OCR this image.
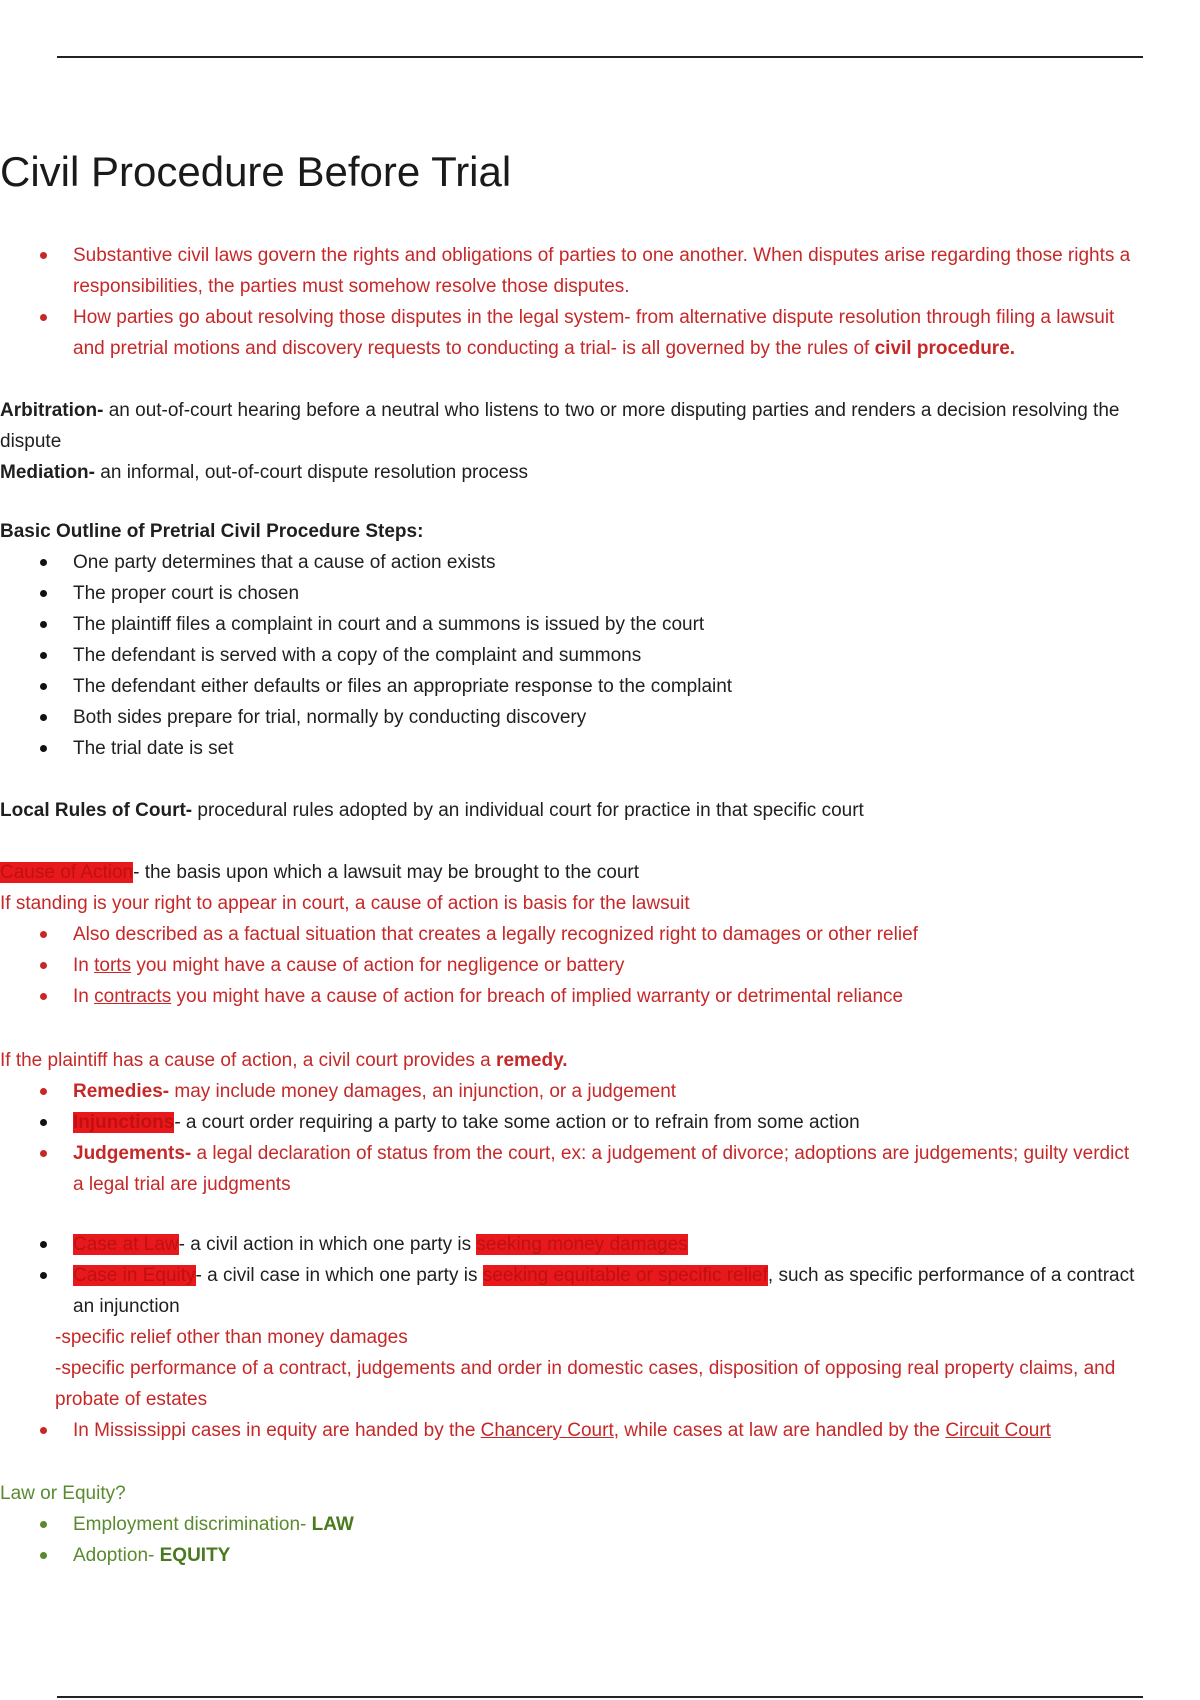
Civil Procedure Before Trial
Substantive civil laws govern the rights and obligations of parties to one another. When disputes arise regarding those rights a
responsibilities, the parties must somehow resolve those disputes.
How parties go about resolving those disputes in the legal system- from alternative dispute resolution through filing a lawsuit
and pretrial motions and discovery requests to conducting a trial- is all governed by the rules of civil procedure.
Arbitration- an out-of-court hearing before a neutral who listens to two or more disputing parties and renders a decision resolving the
dispute
Mediation- an informal, out-of-court dispute resolution process
Basic Outline of Pretrial Civil Procedure Steps:
One party determines that a cause of action exists
The proper court is chosen
The plaintiff files a complaint in court and a summons is issued by the court
The defendant is served with a copy of the complaint and summons
The defendant either defaults or files an appropriate response to the complaint
Both sides prepare for trial, normally by conducting discovery
The trial date is set
Local Rules of Court- procedural rules adopted by an individual court for practice in that specific court
Cause of Action- the basis upon which a lawsuit may be brought to the court
If standing is your right to appear in court, a cause of action is basis for the lawsuit
Also described as a factual situation that creates a legally recognized right to damages or other relief
In torts you might have a cause of action for negligence or battery
In contracts you might have a cause of action for breach of implied warranty or detrimental reliance
If the plaintiff has a cause of action, a civil court provides a remedy.
Remedies- may include money damages, an injunction, or a judgement
Injunctions- a court order requiring a party to take some action or to refrain from some action
Judgements- a legal declaration of status from the court, ex: a judgement of divorce; adoptions are judgements; guilty verdict
a legal trial are judgments
Case at Law- a civil action in which one party is seeking money damages
Case in Equity- a civil case in which one party is seeking equitable or specific relief, such as specific performance of a contract
an injunction
-specific relief other than money damages
-specific performance of a contract, judgements and order in domestic cases, disposition of opposing real property claims, and
probate of estates
In Mississippi cases in equity are handed by the Chancery Court, while cases at law are handled by the Circuit Court
Law or Equity?
Employment discrimination- LAW
Adoption- EQUITY
